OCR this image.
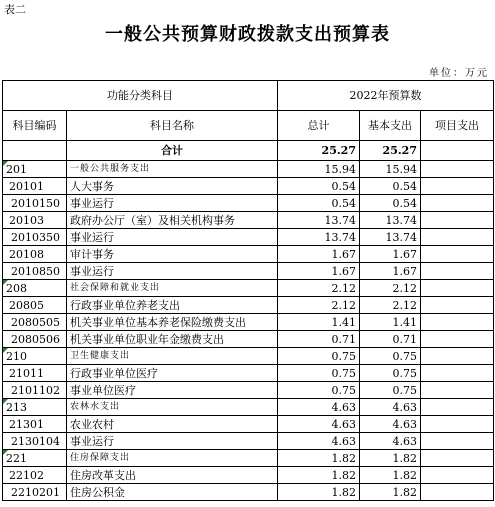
表二
一般公共预算财政拨款支出预算表
单位：万元
功能分类科目		2022年预算数		
科目编码	科目名称	总计	基本支出	项目支出
	合计	25.27	25.27	
201	一般公共服务支出	15.94	15.94	
20101	人大事务	0.54	0.54	
2010150	事业运行	0.54	0.54	
20103	政府办公厅（室）及相关机构事务	13.74	13.74	
2010350	事业运行	13.74	13.74	
20108	审计事务	1.67	1.67	
2010850	事业运行	1.67	1.67	
208	社会保障和就业支出	2.12	2.12	
20805	行政事业单位养老支出	2.12	2.12	
2080505	机关事业单位基本养老保险缴费支出	1.41	1.41	
2080506	机关事业单位职业年金缴费支出	0.71	0.71	
210	卫生健康支出	0.75	0.75	
21011	行政事业单位医疗	0.75	0.75	
2101102	事业单位医疗	0.75	0.75	
213	农林水支出	4.63	4.63	
21301	农业农村	4.63	4.63	
2130104	事业运行	4.63	4.63	
221	住房保障支出	1.82	1.82	
22102	住房改革支出	1.82	1.82	
2210201	住房公积金	1.82	1.82	
